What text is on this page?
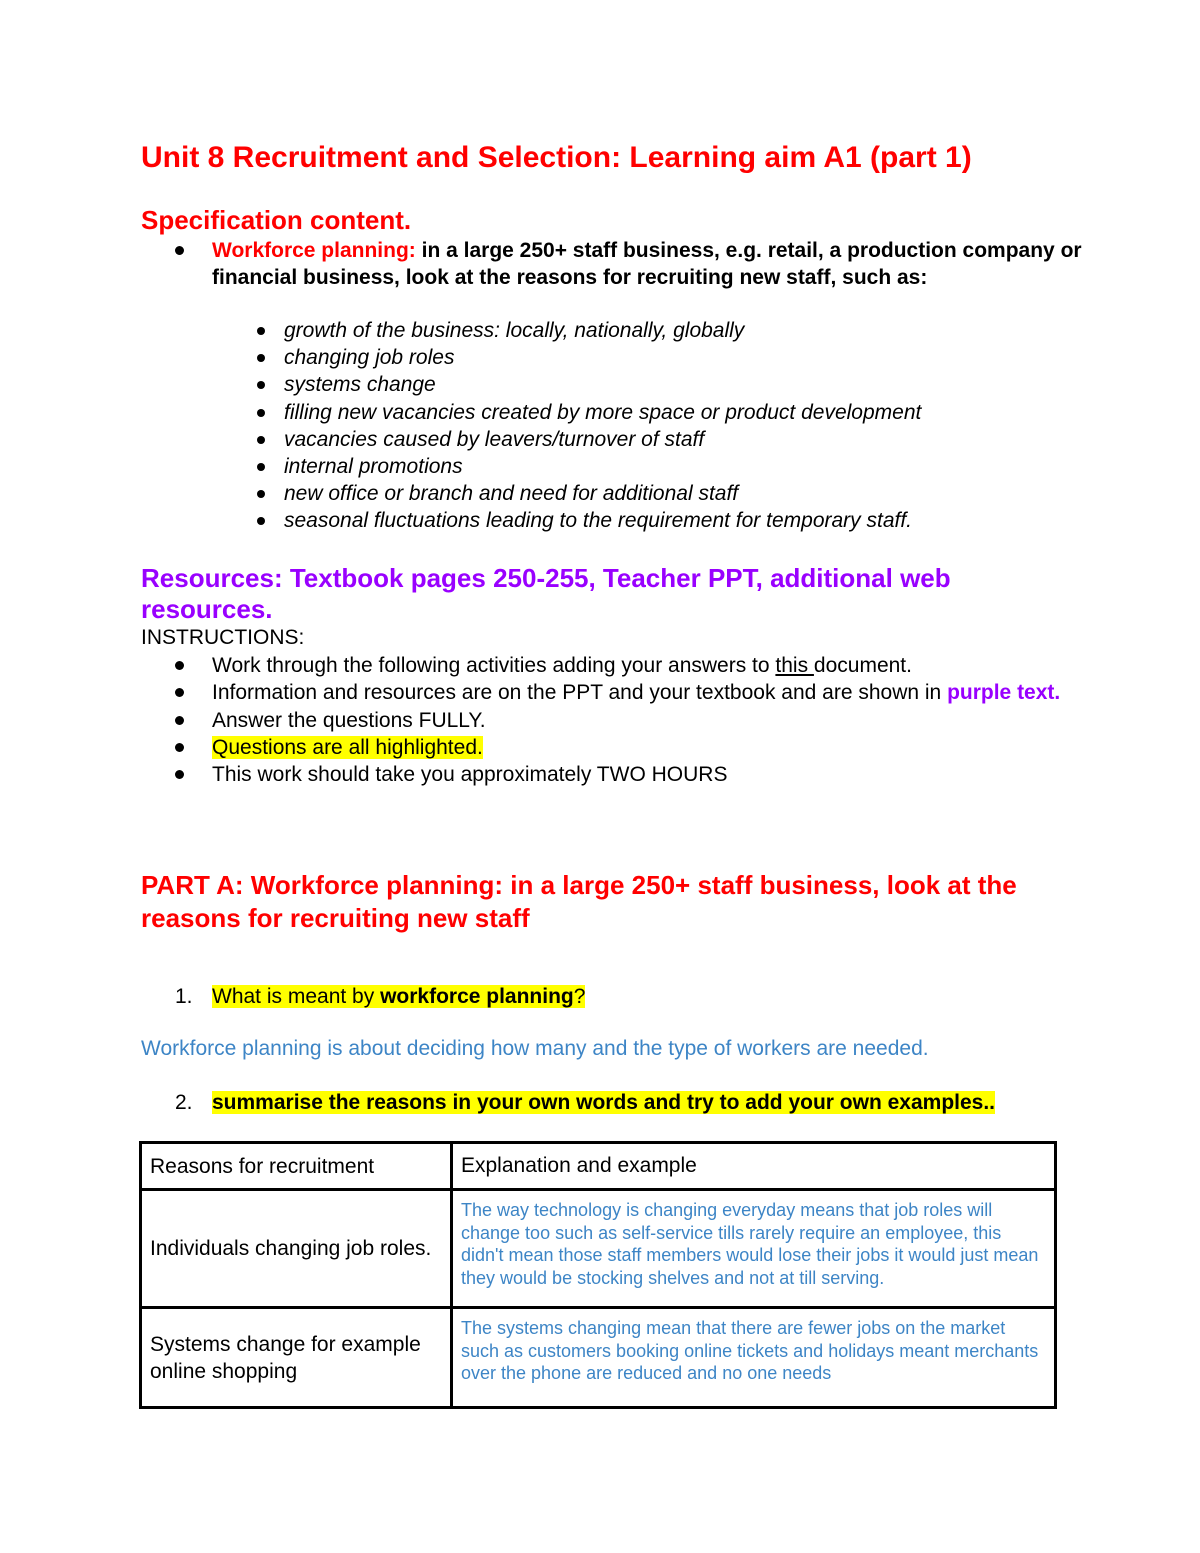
Unit 8 Recruitment and Selection: Learning aim A1 (part 1)
Specification content.
Workforce planning: in a large 250+ staff business, e.g. retail, a production company or financial business, look at the reasons for recruiting new staff, such as:
growth of the business: locally, nationally, globally
changing job roles
systems change
filling new vacancies created by more space or product development
vacancies caused by leavers/turnover of staff
internal promotions
new office or branch and need for additional staff
seasonal fluctuations leading to the requirement for temporary staff.
Resources: Textbook pages 250-255, Teacher PPT, additional web resources.

INSTRUCTIONS:

Work through the following activities adding your answers to this document.
Information and resources are on the PPT and your textbook and are shown in purple text.
Answer the questions FULLY.
Questions are all highlighted.
This work should take you approximately TWO HOURS
PART A: Workforce planning: in a large 250+ staff business, look at the reasons for recruiting new staff
1. What is meant by workforce planning?

Workforce planning is about deciding how many and the type of workers are needed.

2. summarise the reasons in your own words and try to add your own examples..
Reasons for recruitment	Explanation and example
Individuals changing job roles.	The way technology is changing everyday means that job roles will change too such as self-service tills rarely require an employee, this didn't mean those staff members would lose their jobs it would just mean they would be stocking shelves and not at till serving.
Systems change for example online shopping	The systems changing mean that there are fewer jobs on the market such as customers booking online tickets and holidays meant merchants over the phone are reduced and no one needs
